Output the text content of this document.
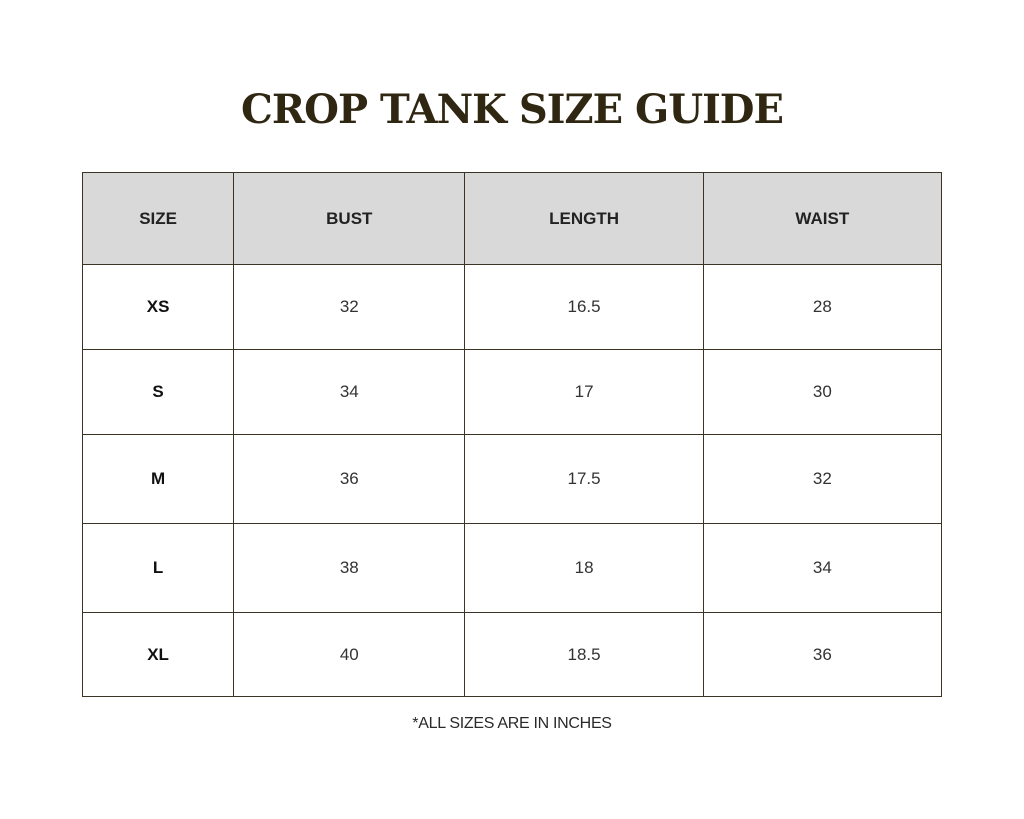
CROP TANK SIZE GUIDE
SIZE	BUST	LENGTH	WAIST
XS	32	16.5	28
S	34	17	30
M	36	17.5	32
L	38	18	34
XL	40	18.5	36
*ALL SIZES ARE IN INCHES
